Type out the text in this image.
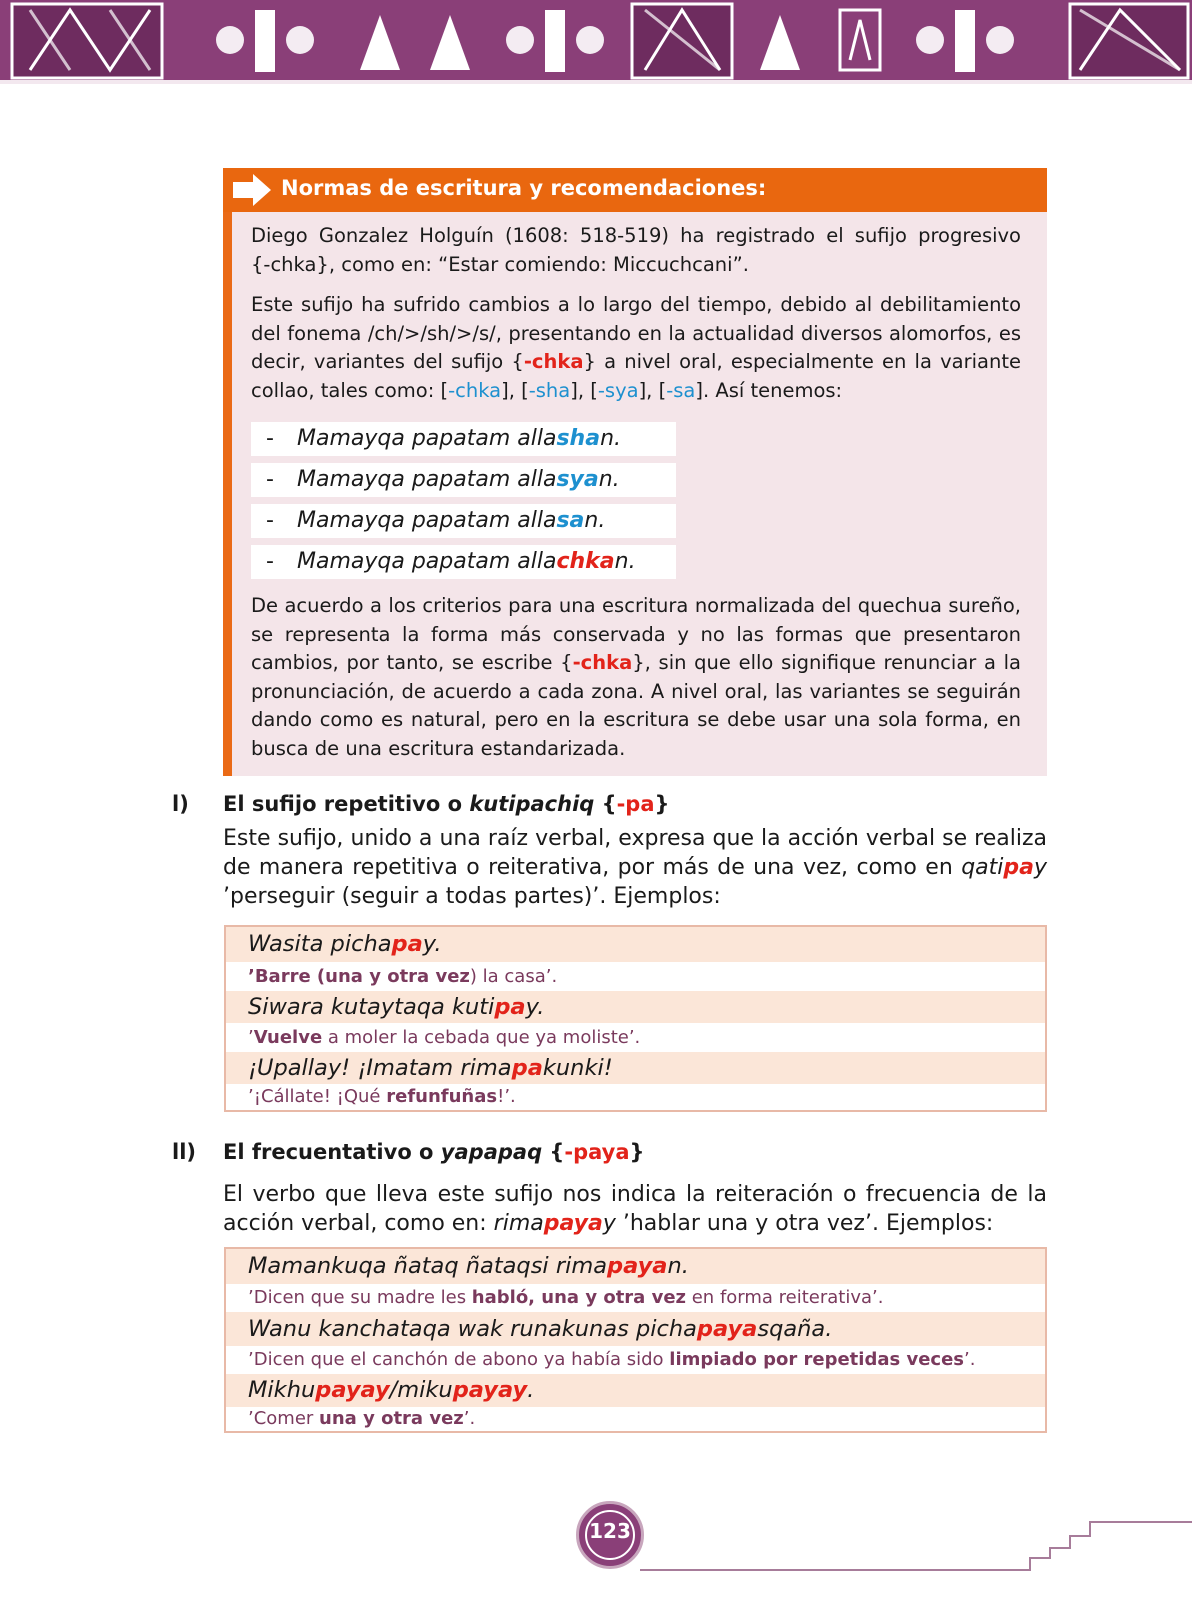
Normas de escritura y recomendaciones:
Diego Gonzalez Holguín (1608: 518-519) ha registrado el sufijo progresivo
{-chka}, como en: “Estar comiendo: Miccuchcani”.
Este sufijo ha sufrido cambios a lo largo del tiempo, debido al debilitamiento del fonema /ch/>/sh/>/s/, presentando en la actualidad diversos alomorfos, es decir, variantes del sufijo {-chka} a nivel oral, especialmente en la variante collao, tales como: [-chka], [-sha], [-sya], [-sa]. Así tenemos:
- Mamayqa papatam allashan.
- Mamayqa papatam allasyan.
- Mamayqa papatam allasan.
- Mamayqa papatam allachkan.
De acuerdo a los criterios para una escritura normalizada del quechua sureño, se representa la forma más conservada y no las formas que presentaron cambios, por tanto, se escribe {-chka}, sin que ello signifique renunciar a la pronunciación, de acuerdo a cada zona. A nivel oral, las variantes se seguirán dando como es natural, pero en la escritura se debe usar una sola forma, en busca de una escritura estandarizada.
l) El sufijo repetitivo o kutipachiq {-pa}
Este sufijo, unido a una raíz verbal, expresa que la acción verbal se realiza de manera repetitiva o reiterativa, por más de una vez, como en qatipay ’perseguir (seguir a todas partes)’. Ejemplos:
Wasita pichapay.
’Barre (una y otra vez) la casa’.
Siwara kutaytaqa kutipay.
’Vuelve a moler la cebada que ya moliste’.
¡Upallay! ¡Imatam rimapakunki!
’¡Cállate! ¡Qué refunfuñas!’.
ll) El frecuentativo o yapapaq {-paya}
El verbo que lleva este sufijo nos indica la reiteración o frecuencia de la acción verbal, como en: rimapayay ’hablar una y otra vez’. Ejemplos:
Mamankuqa ñataq ñataqsi rimapayan.
’Dicen que su madre les habló, una y otra vez en forma reiterativa’.
Wanu kanchataqa wak runakunas pichapayasqaña.
’Dicen que el canchón de abono ya había sido limpiado por repetidas veces’.
Mikhupayay/mikupayay.
’Comer una y otra vez’.
123
